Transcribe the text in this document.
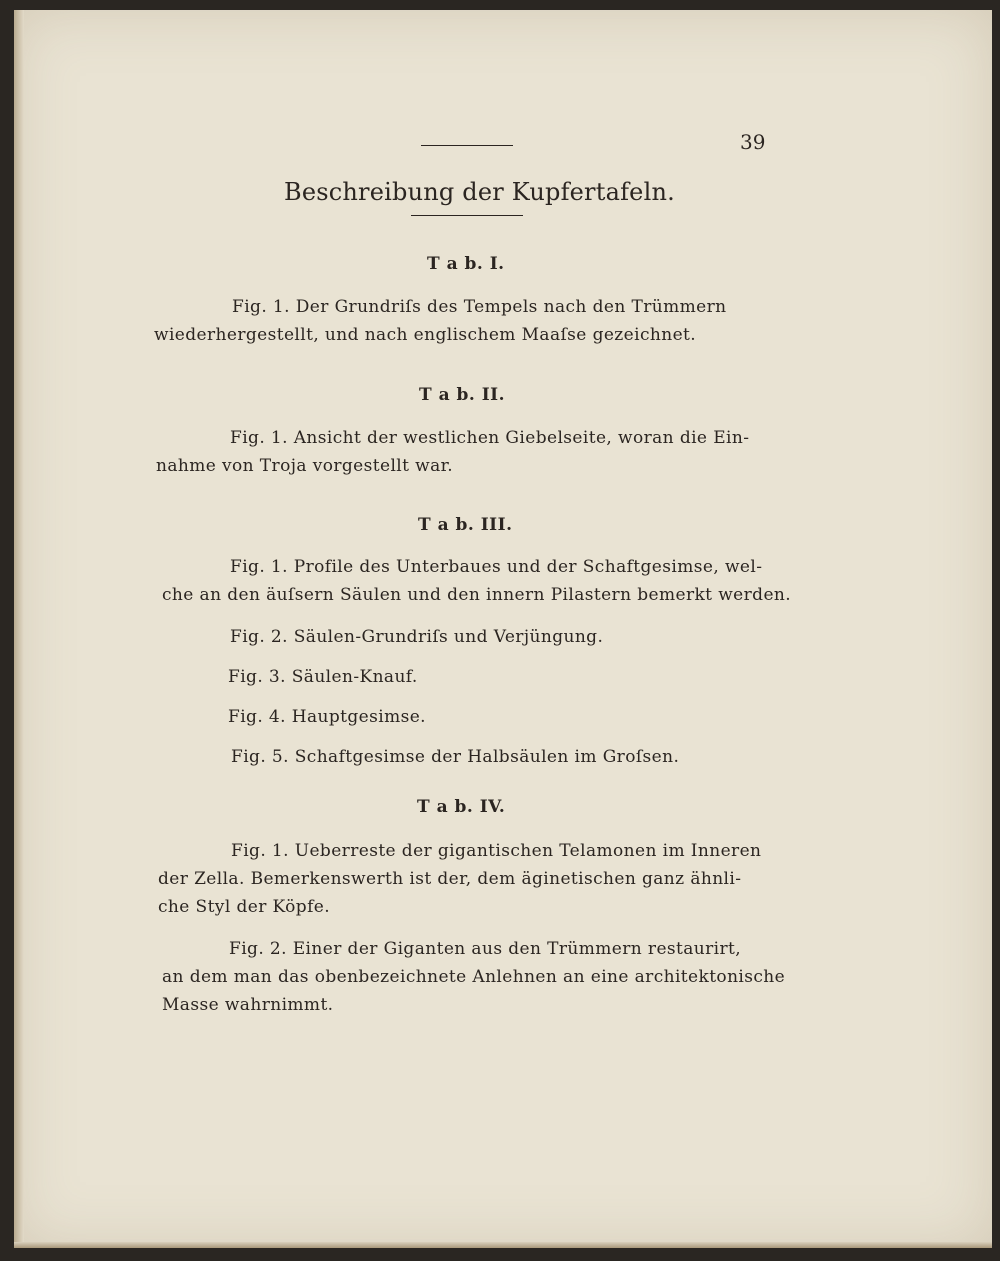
39
Beschreibung der Kupfertafeln.
T a b. I.
Fig. 1. Der Grundriſs des Tempels nach den Trümmern
wiederhergestellt, und nach englischem Maaſse gezeichnet.
T a b. II.
Fig. 1. Ansicht der westlichen Giebelseite, woran die Ein-
nahme von Troja vorgestellt war.
T a b. III.
Fig. 1. Profile des Unterbaues und der Schaftgesimse, wel-
che an den äuſsern Säulen und den innern Pilastern bemerkt werden.
Fig. 2. Säulen-Grundriſs und Verjüngung.
Fig. 3. Säulen-Knauf.
Fig. 4. Hauptgesimse.
Fig. 5. Schaftgesimse der Halbsäulen im Groſsen.
T a b. IV.
Fig. 1. Ueberreste der gigantischen Telamonen im Inneren
der Zella. Bemerkenswerth ist der, dem äginetischen ganz ähnli-
che Styl der Köpfe.
Fig. 2. Einer der Giganten aus den Trümmern restaurirt,
an dem man das obenbezeichnete Anlehnen an eine architektonische
Masse wahrnimmt.
